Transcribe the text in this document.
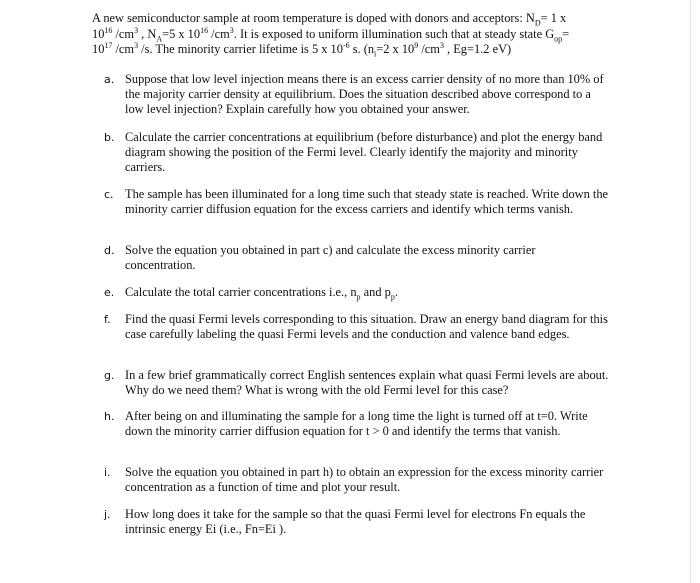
A new semiconductor sample at room temperature is doped with donors and acceptors: $N_D= 1$ x
$10^{16}$ $/cm^3$ , $N_A=5$ x $10^{16}$ $/cm^3$. It is exposed to uniform illumination such that at steady state $G_{op}=$
$10^{17}$ $/cm^3$ /s. The minority carrier lifetime is 5 x $10^{-6}$ s. ($n_i=2$ x $10^9$ $/cm^3$ , Eg=1.2 eV)
a. Suppose that low level injection means there is an excess carrier density of no more than 10% of the majority carrier density at equilibrium. Does the situation described above correspond to a low level injection? Explain carefully how you obtained your answer.
b. Calculate the carrier concentrations at equilibrium (before disturbance) and plot the energy band diagram showing the position of the Fermi level. Clearly identify the majority and minority carriers.
c. The sample has been illuminated for a long time such that steady state is reached. Write down the minority carrier diffusion equation for the excess carriers and identify which terms vanish.
d. Solve the equation you obtained in part c) and calculate the excess minority carrier concentration.
e. Calculate the total carrier concentrations i.e., $n_p$ and $p_p$.
f. Find the quasi Fermi levels corresponding to this situation. Draw an energy band diagram for this case carefully labeling the quasi Fermi levels and the conduction and valence band edges.
g. In a few brief grammatically correct English sentences explain what quasi Fermi levels are about. Why do we need them? What is wrong with the old Fermi level for this case?
h. After being on and illuminating the sample for a long time the light is turned off at t=0. Write down the minority carrier diffusion equation for t > 0 and identify the terms that vanish.
i. Solve the equation you obtained in part h) to obtain an expression for the excess minority carrier concentration as a function of time and plot your result.
j. How long does it take for the sample so that the quasi Fermi level for electrons Fn equals the intrinsic energy Ei (i.e., Fn=Ei ).
